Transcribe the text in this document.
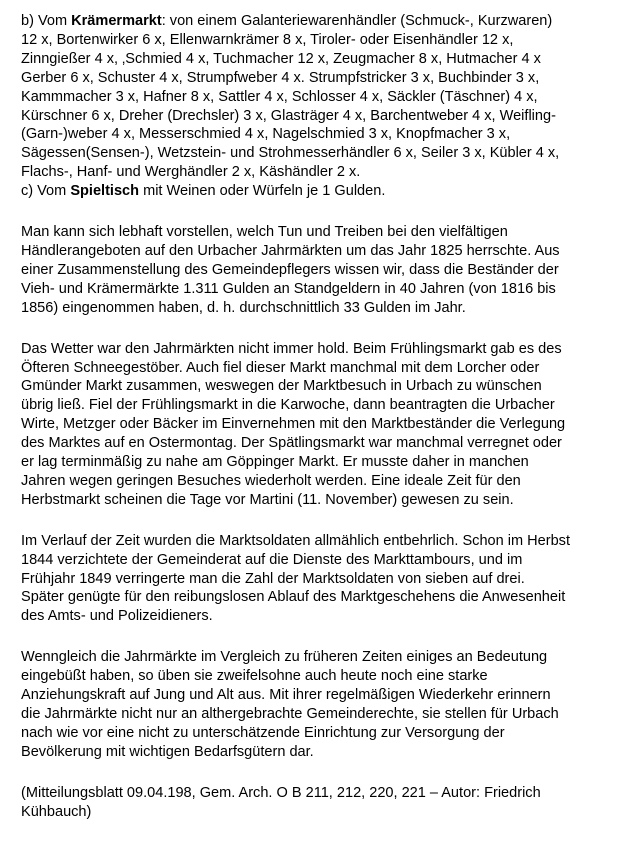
b) Vom Krämermarkt: von einem Galanteriewarenhändler (Schmuck-, Kurzwaren)
12 x, Bortenwirker 6 x, Ellenwarnkrämer 8 x, Tiroler- oder Eisenhändler 12 x,
Zinngießer 4 x, ‚Schmied 4 x, Tuchmacher 12 x, Zeugmacher 8 x, Hutmacher 4 x
Gerber 6 x, Schuster 4 x, Strumpfweber 4 x. Strumpfstricker 3 x, Buchbinder 3 x,
Kammmacher 3 x, Hafner 8 x, Sattler 4 x, Schlosser 4 x, Säckler (Täschner) 4 x,
Kürschner 6 x, Dreher (Drechsler) 3 x, Glasträger 4 x, Barchentweber 4 x, Weifling-
(Garn-)weber 4 x, Messerschmied 4 x, Nagelschmied 3 x, Knopfmacher 3 x,
Sägessen(Sensen-), Wetzstein- und Strohmesserhändler 6 x, Seiler 3 x, Kübler 4 x,
Flachs-, Hanf- und Werghändler 2 x, Käshändler 2 x.

c) Vom Spieltisch mit Weinen oder Würfeln je 1 Gulden.

Man kann sich lebhaft vorstellen, welch Tun und Treiben bei den vielfältigen
Händlerangeboten auf den Urbacher Jahrmärkten um das Jahr 1825 herrschte. Aus
einer Zusammenstellung des Gemeindepflegers wissen wir, dass die Beständer der
Vieh- und Krämermärkte 1.311 Gulden an Standgeldern in 40 Jahren (von 1816 bis
1856) eingenommen haben, d. h. durchschnittlich 33 Gulden im Jahr.

Das Wetter war den Jahrmärkten nicht immer hold. Beim Frühlingsmarkt gab es des
Öfteren Schneegestöber. Auch fiel dieser Markt manchmal mit dem Lorcher oder
Gmünder Markt zusammen, weswegen der Marktbesuch in Urbach zu wünschen
übrig ließ. Fiel der Frühlingsmarkt in die Karwoche, dann beantragten die Urbacher
Wirte, Metzger oder Bäcker im Einvernehmen mit den Marktbeständer die Verlegung
des Marktes auf en Ostermontag. Der Spätlingsmarkt war manchmal verregnet oder
er lag terminmäßig zu nahe am Göppinger Markt. Er musste daher in manchen
Jahren wegen geringen Besuches wiederholt werden. Eine ideale Zeit für den
Herbstmarkt scheinen die Tage vor Martini (11. November) gewesen zu sein.

Im Verlauf der Zeit wurden die Marktsoldaten allmählich entbehrlich. Schon im Herbst
1844 verzichtete der Gemeinderat auf die Dienste des Markttambours, und im
Frühjahr 1849 verringerte man die Zahl der Marktsoldaten von sieben auf drei.
Später genügte für den reibungslosen Ablauf des Marktgeschehens die Anwesenheit
des Amts- und Polizeidieners.

Wenngleich die Jahrmärkte im Vergleich zu früheren Zeiten einiges an Bedeutung
eingebüßt haben, so üben sie zweifelsohne auch heute noch eine starke
Anziehungskraft auf Jung und Alt aus. Mit ihrer regelmäßigen Wiederkehr erinnern
die Jahrmärkte nicht nur an althergebrachte Gemeinderechte, sie stellen für Urbach
nach wie vor eine nicht zu unterschätzende Einrichtung zur Versorgung der
Bevölkerung mit wichtigen Bedarfsgütern dar.

(Mitteilungsblatt 09.04.198, Gem. Arch. O B 211, 212, 220, 221 – Autor: Friedrich
Kühbauch)
